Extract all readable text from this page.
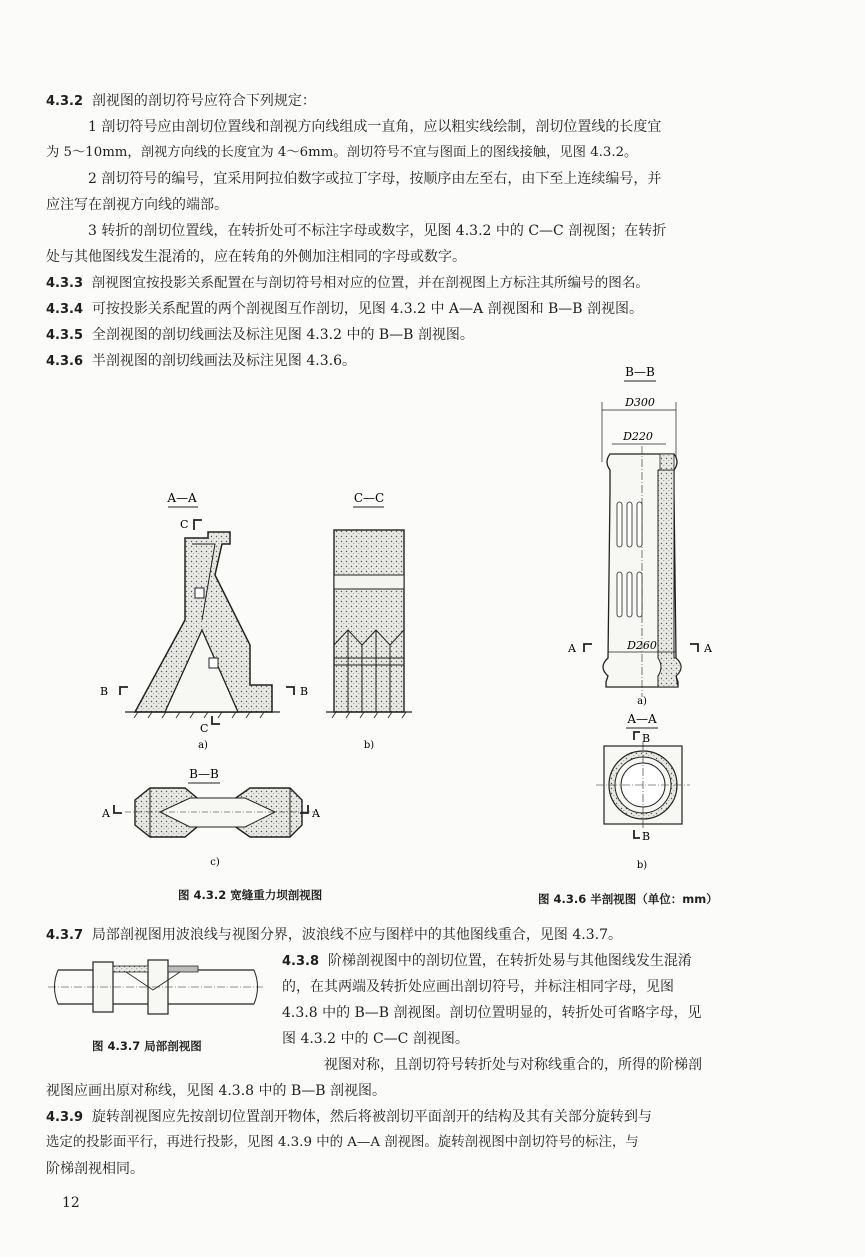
4.3.2 剖视图的剖切符号应符合下列规定：

1 剖切符号应由剖切位置线和剖视方向线组成一直角，应以粗实线绘制，剖切位置线的长度宜

为 5～10mm，剖视方向线的长度宜为 4～6mm。剖切符号不宜与图面上的图线接触，见图 4.3.2。

2 剖切符号的编号，宜采用阿拉伯数字或拉丁字母，按顺序由左至右，由下至上连续编号，并

应注写在剖视方向线的端部。

3 转折的剖切位置线，在转折处可不标注字母或数字，见图 4.3.2 中的 C—C 剖视图；在转折

处与其他图线发生混淆的，应在转角的外侧加注相同的字母或数字。

4.3.3 剖视图宜按投影关系配置在与剖切符号相对应的位置，并在剖视图上方标注其所编号的图名。

4.3.4 可按投影关系配置的两个剖视图互作剖切，见图 4.3.2 中 A—A 剖视图和 B—B 剖视图。

4.3.5 全剖视图的剖切线画法及标注见图 4.3.2 中的 B—B 剖视图。

4.3.6 半剖视图的剖切线画法及标注见图 4.3.6。

A—A
C
C
B	B
a)
C—C
b)
B—B
A	A
c)
图 4.3.2 宽缝重力坝剖视图
B—B
D300
D220
D260
A	A
a)
A—A
B
B
b)
图 4.3.6 半剖视图（单位：mm）

4.3.7 局部剖视图用波浪线与视图分界，波浪线不应与图样中的其他图线重合，见图 4.3.7。

图 4.3.7 局部剖视图

4.3.8 阶梯剖视图中的剖切位置，在转折处易与其他图线发生混淆

的，在其两端及转折处应画出剖切符号，并标注相同字母，见图

4.3.8 中的 B—B 剖视图。剖切位置明显的，转折处可省略字母，见

图 4.3.2 中的 C—C 剖视图。

视图对称，且剖切符号转折处与对称线重合的，所得的阶梯剖

视图应画出原对称线，见图 4.3.8 中的 B—B 剖视图。

4.3.9 旋转剖视图应先按剖切位置剖开物体，然后将被剖切平面剖开的结构及其有关部分旋转到与

选定的投影面平行，再进行投影，见图 4.3.9 中的 A—A 剖视图。旋转剖视图中剖切符号的标注，与

阶梯剖视相同。

12
